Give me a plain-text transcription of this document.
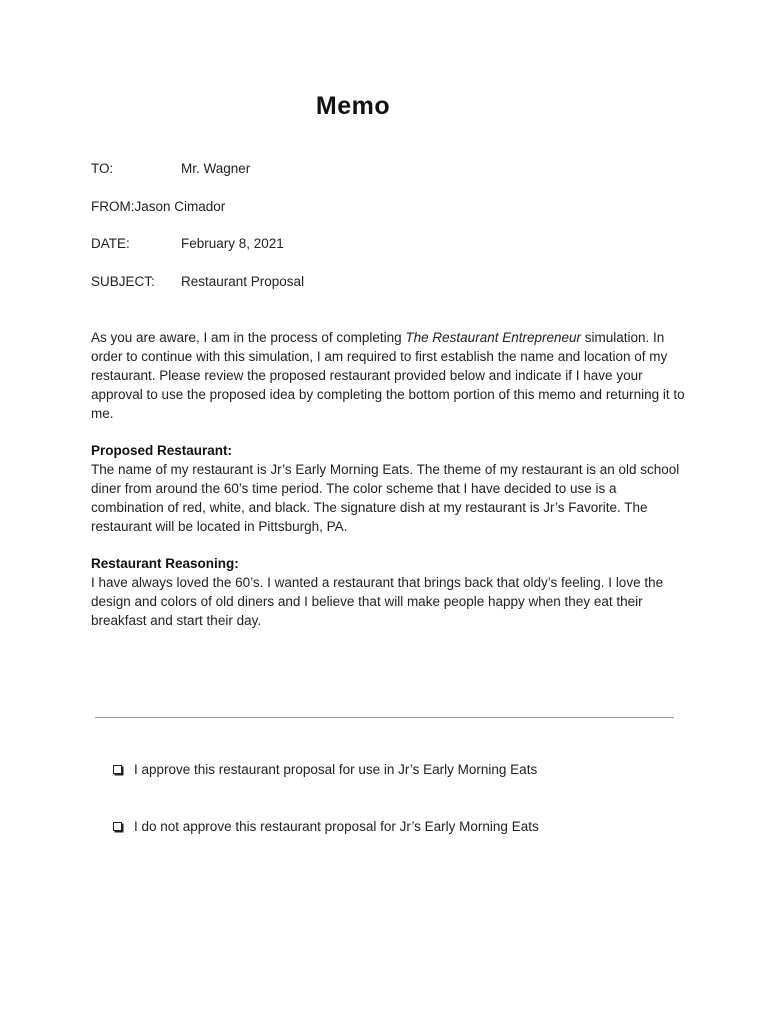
Memo
TO:	Mr. Wagner
FROM:Jason Cimador
DATE:	February 8, 2021
SUBJECT: Restaurant Proposal
As you are aware, I am in the process of completing The Restaurant Entrepreneur simulation. In order to continue with this simulation, I am required to first establish the name and location of my restaurant. Please review the proposed restaurant provided below and indicate if I have your approval to use the proposed idea by completing the bottom portion of this memo and returning it to me.
Proposed Restaurant:
The name of my restaurant is Jr’s Early Morning Eats. The theme of my restaurant is an old school diner from around the 60’s time period. The color scheme that I have decided to use is a combination of red, white, and black. The signature dish at my restaurant is Jr’s Favorite. The restaurant will be located in Pittsburgh, PA.
Restaurant Reasoning:
I have always loved the 60’s. I wanted a restaurant that brings back that oldy’s feeling. I love the design and colors of old diners and I believe that will make people happy when they eat their breakfast and start their day.
I approve this restaurant proposal for use in Jr’s Early Morning Eats
I do not approve this restaurant proposal for Jr’s Early Morning Eats
